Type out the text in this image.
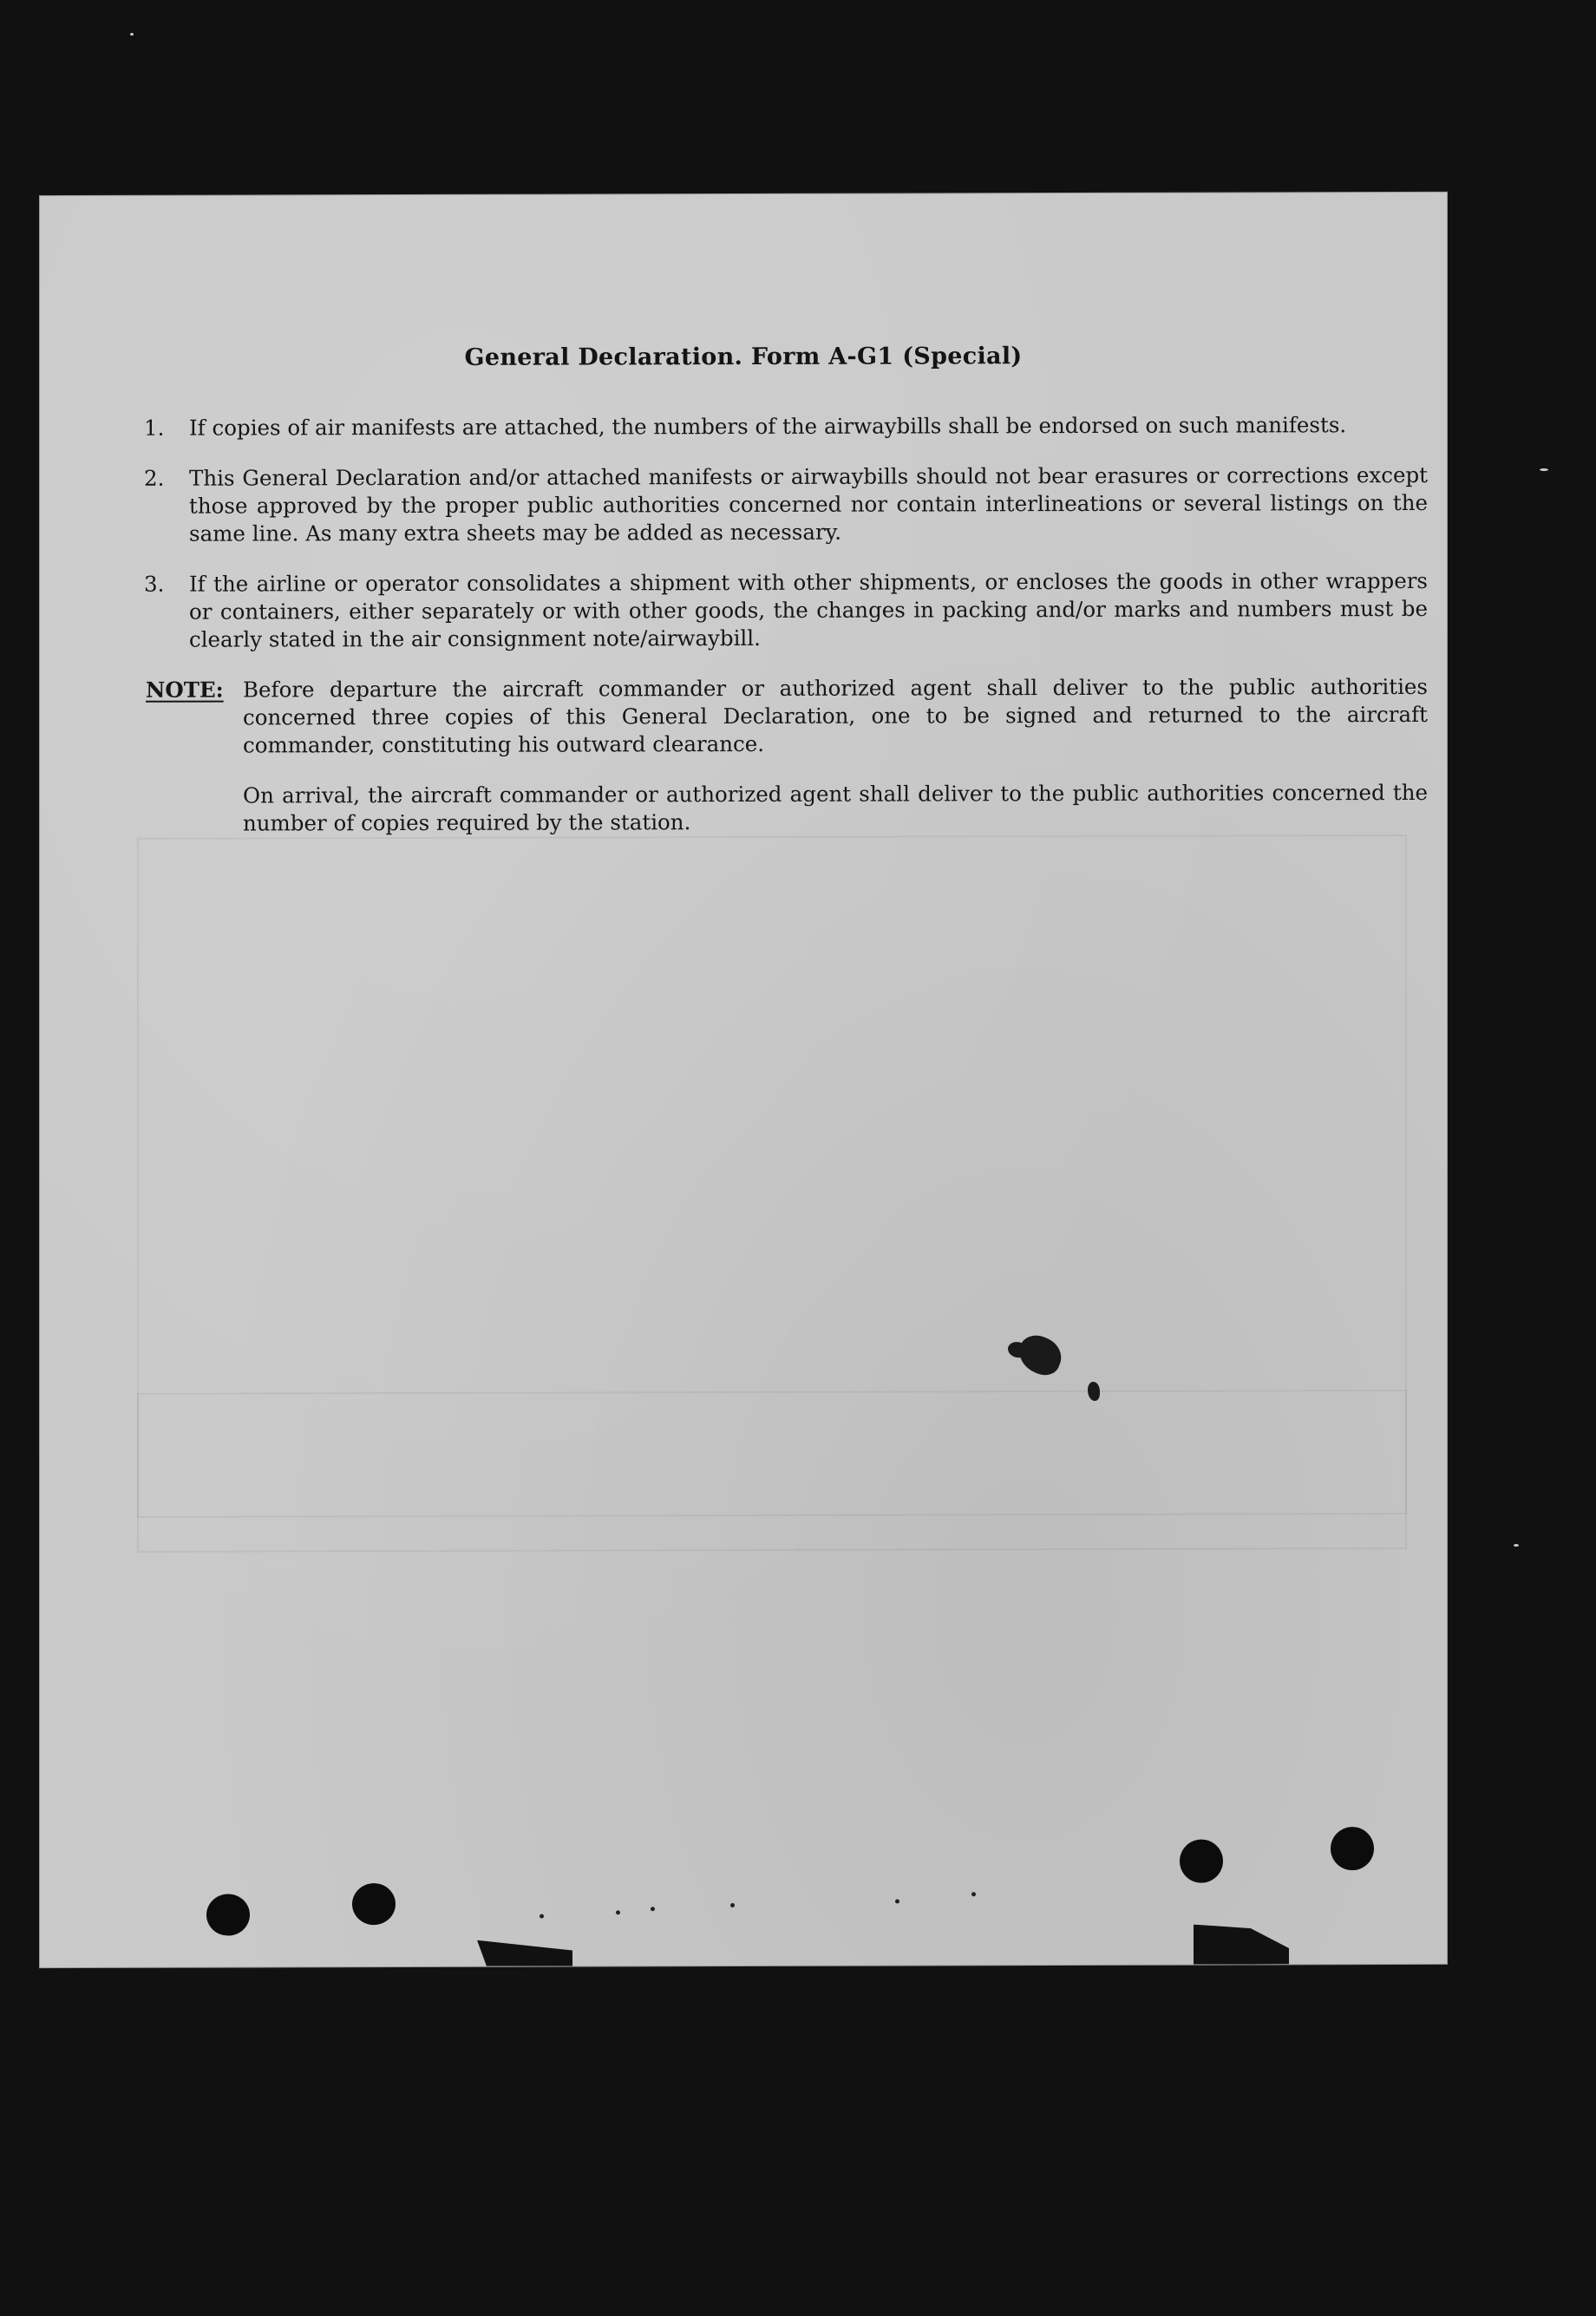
General Declaration. Form A-G1 (Special)
1.	If copies of air manifests are attached, the numbers of the airwaybills shall be endorsed on such manifests.
2.	This General Declaration and/or attached manifests or airwaybills should not bear erasures or corrections except those approved by the proper public authorities concerned nor contain interlineations or several listings on the same line. As many extra sheets may be added as necessary.
3.	If the airline or operator consolidates a shipment with other shipments, or encloses the goods in other wrappers or containers, either separately or with other goods, the changes in packing and/or marks and numbers must be clearly stated in the air consignment note/airwaybill.
NOTE: Before departure the aircraft commander or authorized agent shall deliver to the public authorities concerned three copies of this General Declaration, one to be signed and returned to the aircraft commander, constituting his outward clearance.
On arrival, the aircraft commander or authorized agent shall deliver to the public authorities concerned the number of copies required by the station.
